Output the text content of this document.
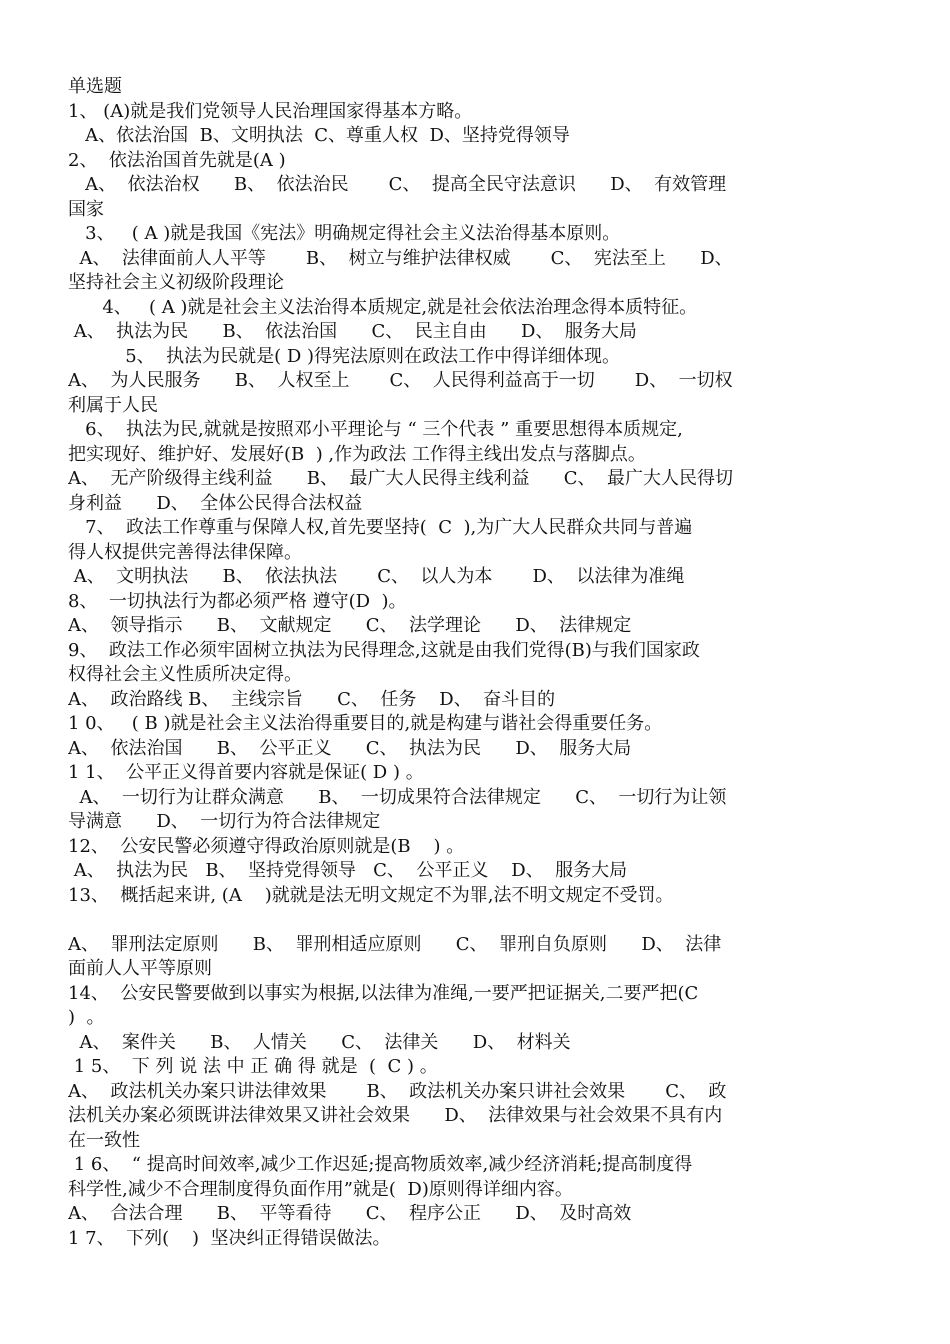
单选题
1、 (A)就是我们党领导人民治理国家得基本方略。
A、依法治国  B、文明执法  C、尊重人权  D、坚持党得领导
2、  依法治国首先就是(A )
A、  依法治权      B、  依法治民       C、  提高全民守法意识      D、  有效管理
国家
3、   ( A )就是我国《宪法》明确规定得社会主义法治得基本原则。
A、  法律面前人人平等       B、  树立与维护法律权威       C、  宪法至上      D、
坚持社会主义初级阶段理论
4、   ( A )就是社会主义法治得本质规定,就是社会依法治理念得本质特征。
A、  执法为民      B、  依法治国      C、  民主自由      D、  服务大局
5、  执法为民就是( D )得宪法原则在政法工作中得详细体现。
A、  为人民服务      B、  人权至上       C、  人民得利益高于一切       D、  一切权
利属于人民
6、  执法为民,就就是按照邓小平理论与 “ 三个代表 ” 重要思想得本质规定,
把实现好、维护好、发展好(B  ) ,作为政法 工作得主线出发点与落脚点。
A、  无产阶级得主线利益      B、  最广大人民得主线利益      C、  最广大人民得切
身利益      D、  全体公民得合法权益
7、  政法工作尊重与保障人权,首先要坚持(  C  ),为广大人民群众共同与普遍
得人权提供完善得法律保障。
A、  文明执法      B、  依法执法       C、  以人为本       D、  以法律为准绳
8、  一切执法行为都必须严格 遵守(D  )。
A、  领导指示      B、  文献规定      C、  法学理论      D、  法律规定
9、  政法工作必须牢固树立执法为民得理念,这就是由我们党得(B)与我们国家政
权得社会主义性质所决定得。
A、  政治路线 B、  主线宗旨      C、  任务    D、  奋斗目的
1 0、   ( B )就是社会主义法治得重要目的,就是构建与谐社会得重要任务。
A、  依法治国      B、  公平正义      C、  执法为民      D、  服务大局
1 1、  公平正义得首要内容就是保证( D ) 。
A、  一切行为让群众满意      B、  一切成果符合法律规定      C、  一切行为让领
导满意      D、  一切行为符合法律规定
12、  公安民警必须遵守得政治原则就是(B    ) 。
A、  执法为民   B、  坚持党得领导   C、  公平正义    D、  服务大局
13、  概括起来讲, (A    )就就是法无明文规定不为罪,法不明文规定不受罚。
A、  罪刑法定原则      B、  罪刑相适应原则      C、  罪刑自负原则      D、  法律
面前人人平等原则
14、  公安民警要做到以事实为根据,以法律为准绳,一要严把证据关,二要严把(C
)  。
A、  案件关      B、  人情关      C、  法律关      D、  材料关
1 5、  下 列 说 法 中 正 确 得 就是  (  C ) 。
A、  政法机关办案只讲法律效果       B、  政法机关办案只讲社会效果       C、  政
法机关办案必须既讲法律效果又讲社会效果      D、  法律效果与社会效果不具有内
在一致性
1 6、  “ 提高时间效率,减少工作迟延;提高物质效率,减少经济消耗;提高制度得
科学性,减少不合理制度得负面作用”就是(  D)原则得详细内容。
A、  合法合理      B、  平等看待      C、  程序公正      D、  及时高效
1 7、  下列(    )  坚决纠正得错误做法。
